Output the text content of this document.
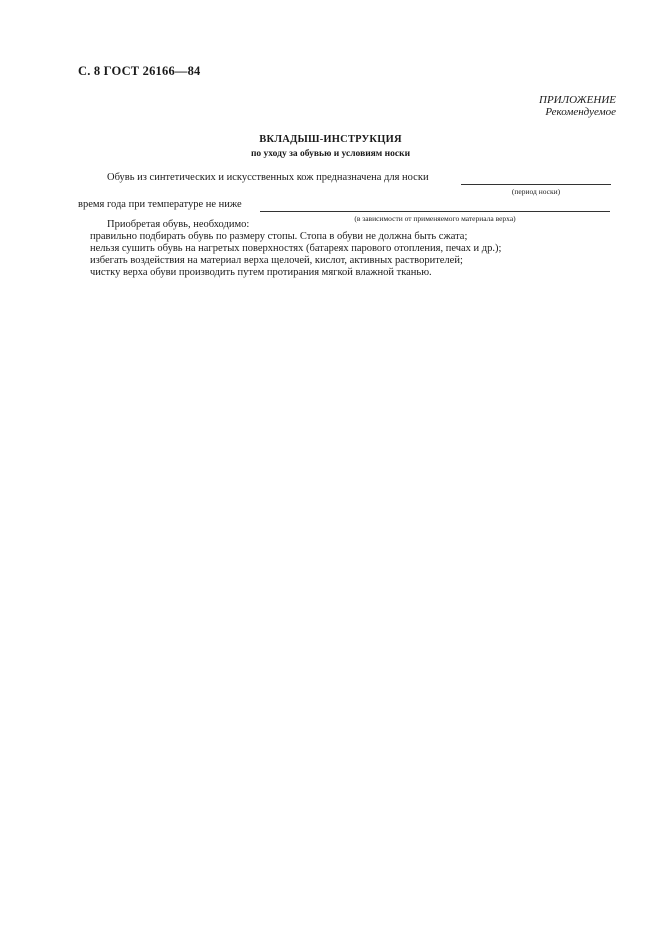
С. 8 ГОСТ 26166—84
ПРИЛОЖЕНИЕ
Рекомендуемое
ВКЛАДЫШ-ИНСТРУКЦИЯ
по уходу за обувью и условиям носки
Обувь из синтетических и искусственных кож предназначена для носки
(период носки)
время года при температуре не ниже
(в зависимости от применяемого материала верха)
Приобретая обувь, необходимо:
правильно подбирать обувь по размеру стопы. Стопа в обуви не должна быть сжата;
нельзя сушить обувь на нагретых поверхностях (батареях парового отопления, печах и др.);
избегать воздействия на материал верха щелочей, кислот, активных растворителей;
чистку верха обуви производить путем протирания мягкой влажной тканью.
